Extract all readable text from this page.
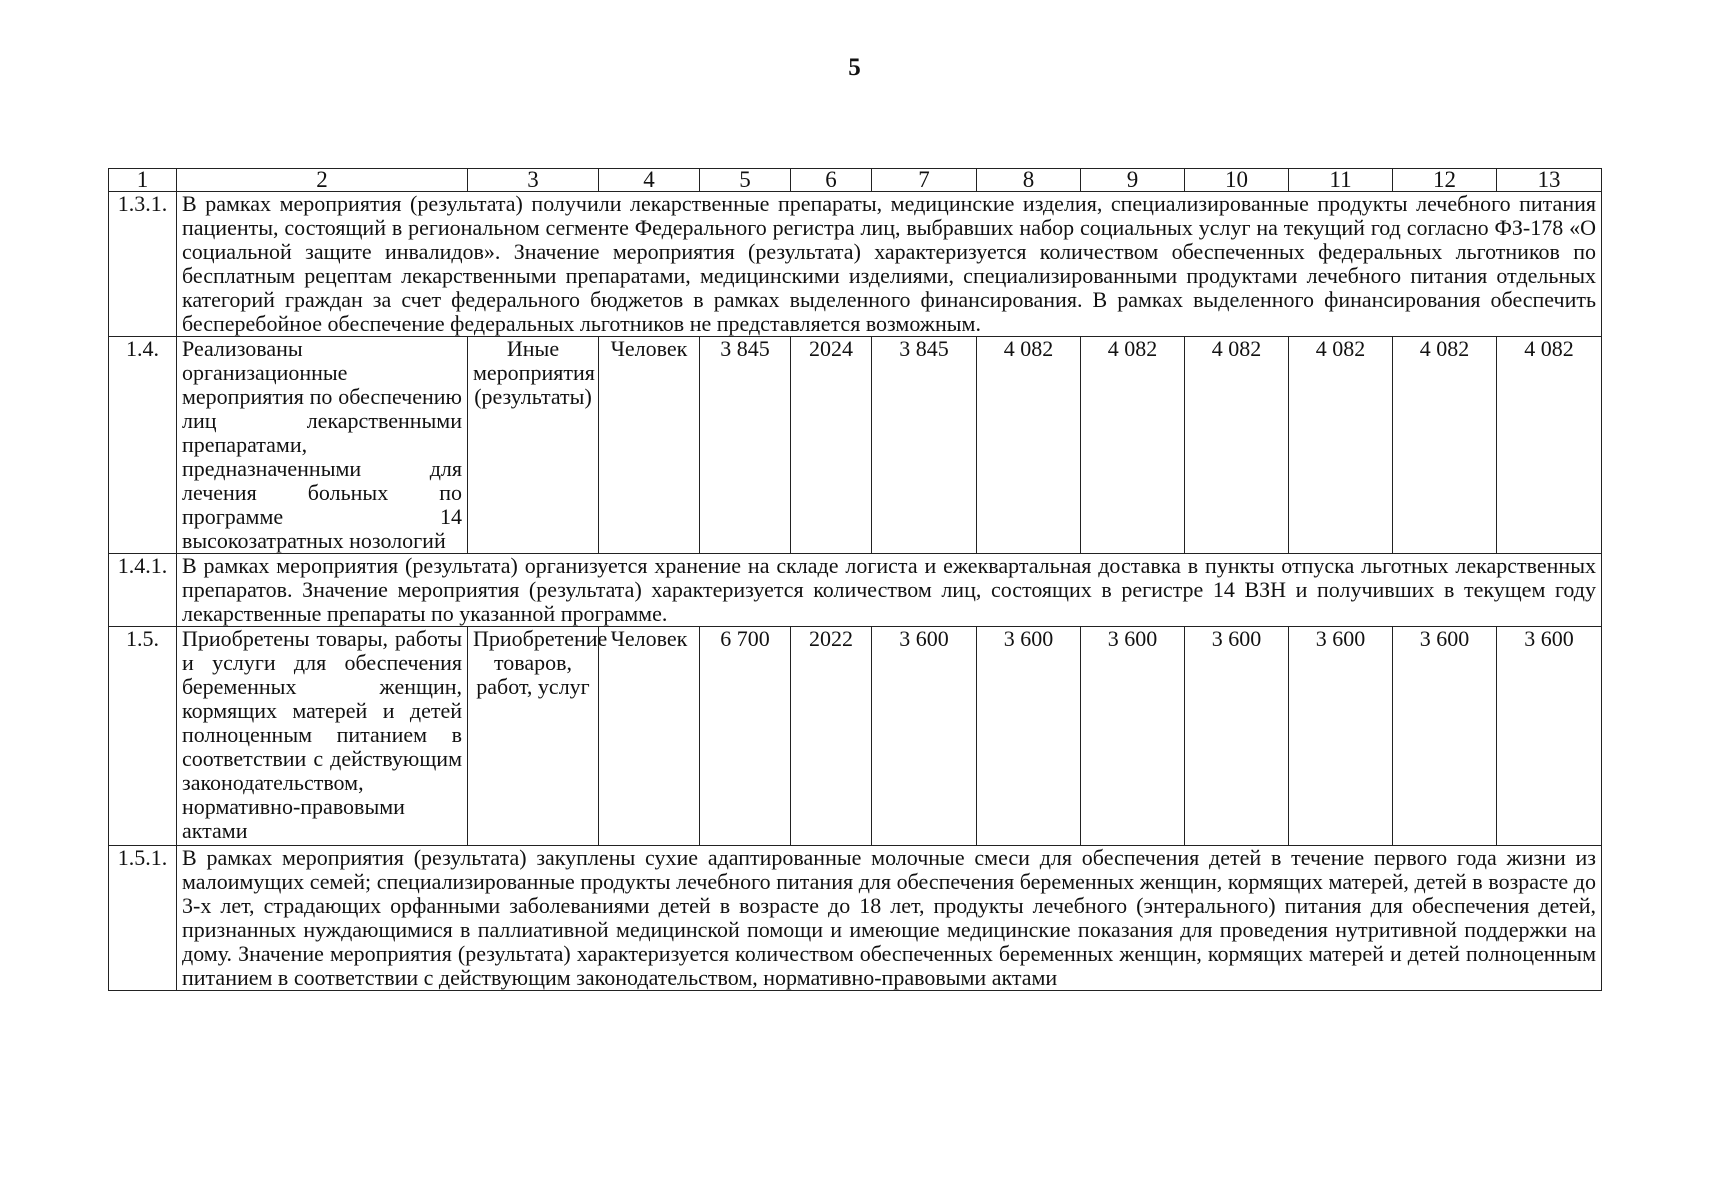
5
1	2	3	4	5	6	7	8	9	10	11	12	13
1.3.1.	В рамках мероприятия (результата) получили лекарственные препараты, медицинские изделия, специализированные продукты лечебного питания пациенты, состоящий в региональном сегменте Федерального регистра лиц, выбравших набор социальных услуг на текущий год согласно ФЗ-178 «О социальной защите инвалидов». Значение мероприятия (результата) характеризуется количеством обеспеченных федеральных льготников по бесплатным рецептам лекарственными препаратами, медицинскими изделиями, специализированными продуктами лечебного питания отдельных категорий граждан за счет федерального бюджетов в рамках выделенного финансирования. В рамках выделенного финансирования обеспечить бесперебойное обеспечение федеральных льготников не представляется возможным.											
1.4.	Реализованы организационные мероприятия по обеспечению лиц лекарственными препаратами, предназначенными для лечения больных по программе 14 высокозатратных нозологий	Иные мероприятия (результаты)	Человек	3 845	2024	3 845	4 082	4 082	4 082	4 082	4 082	4 082
1.4.1.	В рамках мероприятия (результата) организуется хранение на складе логиста и ежеквартальная доставка в пункты отпуска льготных лекарственных препаратов. Значение мероприятия (результата) характеризуется количеством лиц, состоящих в регистре 14 ВЗН и получивших в текущем году лекарственные препараты по указанной программе.											
1.5.	Приобретены товары, работы и услуги для обеспечения беременных женщин, кормящих матерей и детей полноценным питанием в соответствии с действующим законодательством, нормативно-правовыми актами	Приобретение товаров, работ, услуг	Человек	6 700	2022	3 600	3 600	3 600	3 600	3 600	3 600	3 600
1.5.1.	В рамках мероприятия (результата) закуплены сухие адаптированные молочные смеси для обеспечения детей в течение первого года жизни из малоимущих семей; специализированные продукты лечебного питания для обеспечения беременных женщин, кормящих матерей, детей в возрасте до 3-х лет, страдающих орфанными заболеваниями детей в возрасте до 18 лет, продукты лечебного (энтерального) питания для обеспечения детей, признанных нуждающимися в паллиативной медицинской помощи и имеющие медицинские показания для проведения нутритивной поддержки на дому. Значение мероприятия (результата) характеризуется количеством обеспеченных беременных женщин, кормящих матерей и детей полноценным питанием в соответствии с действующим законодательством, нормативно-правовыми актами											
